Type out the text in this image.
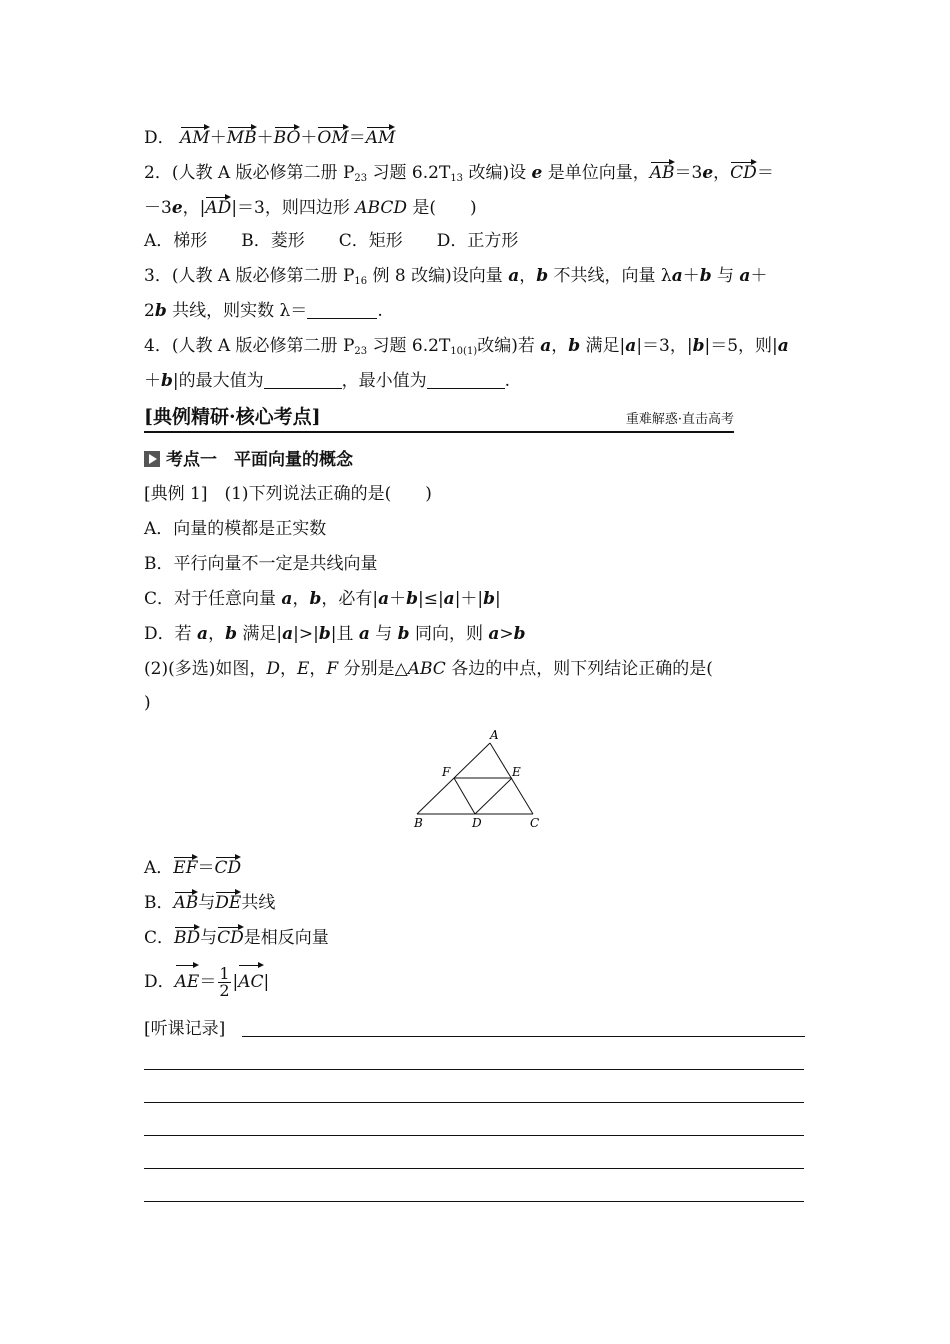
D． AM＋MB＋BO＋OM＝AM
2．(人教 A 版必修第二册 $P_{23}$ 习题 $6.2T_{13}$ 改编)设 e 是单位向量，AB＝3e，CD＝
－3e，|AD|＝3，则四边形 ABCD 是(　　)
A．梯形　　B．菱形　　C．矩形　　D．正方形
3．(人教 A 版必修第二册 $P_{16}$ 例 8 改编)设向量 a，b 不共线，向量 λa＋b 与 a＋
2b 共线，则实数 λ＝	.
4．(人教 A 版必修第二册 $P_{23}$ 习题 $6.2T_{10(1)}$改编)若 a，b 满足|a|＝3，|b|＝5，则|a
＋b|的最大值为	，最小值为	.
[典例精研·核心考点]	重难解惑·直击高考
考点一　平面向量的概念
[典例 1]　(1)下列说法正确的是(　　)
A．向量的模都是正实数
B．平行向量不一定是共线向量
C．对于任意向量 a，b，必有|a＋b|≤|a|＋|b|
D．若 a，b 满足|a|>|b|且 a 与 b 同向，则 a>b
(2)(多选)如图，D，E，F 分别是△ABC 各边的中点，则下列结论正确的是(
)
A
F	E
B	D	C
A．EF＝CD
B．AB与DE共线
C．BD与CD是相反向量
D．$AE= \frac{1}{2} |AC|$
[听课记录]
